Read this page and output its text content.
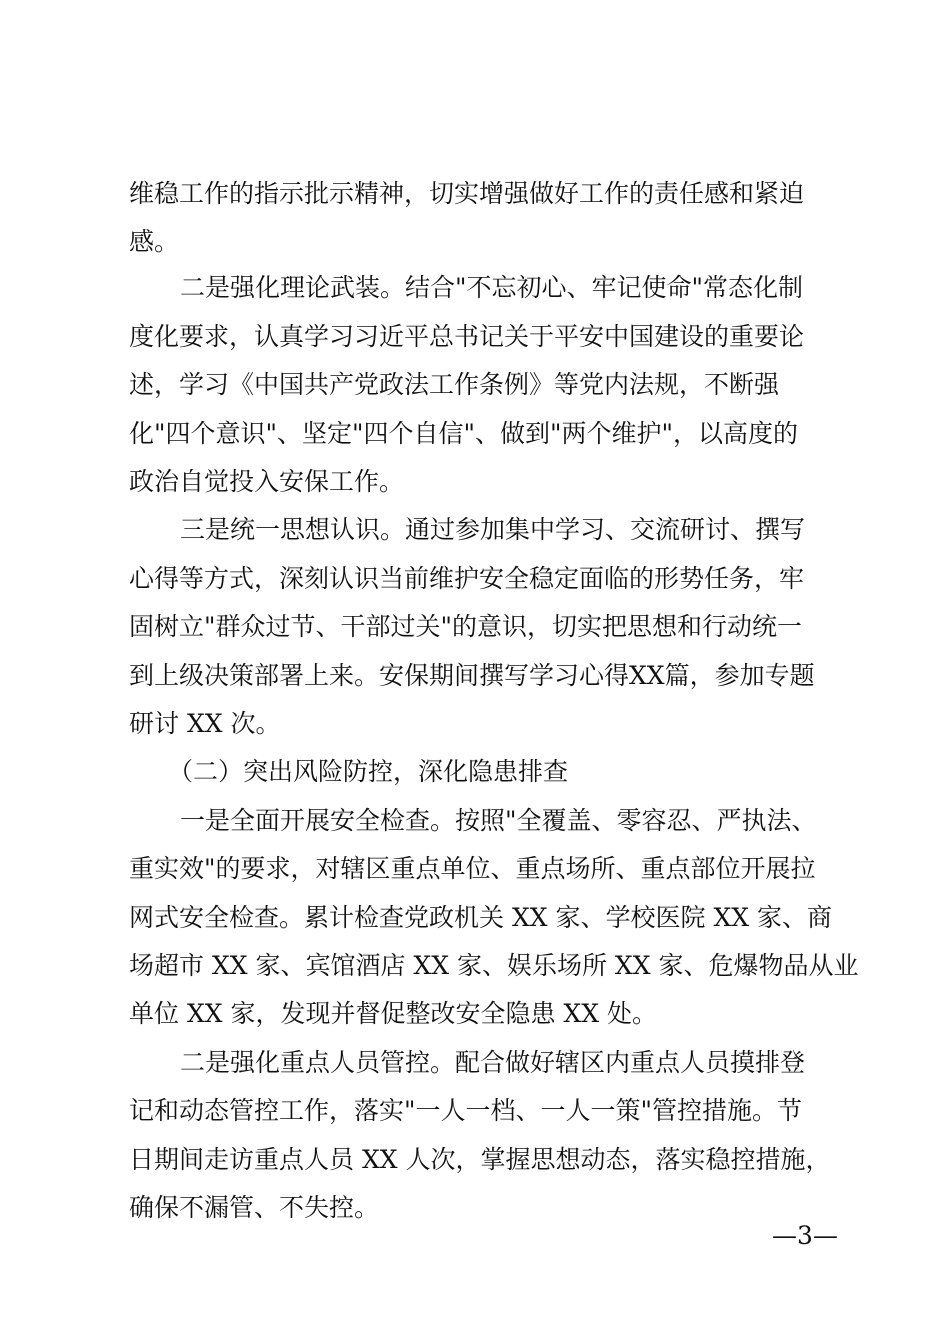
维稳工作的指示批示精神，切实增强做好工作的责任感和紧迫
感。
二是强化理论武装。结合"不忘初心、牢记使命"常态化制
度化要求，认真学习习近平总书记关于平安中国建设的重要论
述，学习《中国共产党政法工作条例》等党内法规，不断强
化"四个意识"、坚定"四个自信"、做到"两个维护"，以高度的
政治自觉投入安保工作。
三是统一思想认识。通过参加集中学习、交流研讨、撰写
心得等方式，深刻认识当前维护安全稳定面临的形势任务，牢
固树立"群众过节、干部过关"的意识，切实把思想和行动统一
到上级决策部署上来。安保期间撰写学习心得XX篇，参加专题
研讨 XX 次。
（二）突出风险防控，深化隐患排查
一是全面开展安全检查。按照"全覆盖、零容忍、严执法、
重实效"的要求，对辖区重点单位、重点场所、重点部位开展拉
网式安全检查。累计检查党政机关 XX 家、学校医院 XX 家、商
场超市 XX 家、宾馆酒店 XX 家、娱乐场所 XX 家、危爆物品从业
单位 XX 家，发现并督促整改安全隐患 XX 处。
二是强化重点人员管控。配合做好辖区内重点人员摸排登
记和动态管控工作，落实"一人一档、一人一策"管控措施。节
日期间走访重点人员 XX 人次，掌握思想动态，落实稳控措施，
确保不漏管、不失控。
—3—
